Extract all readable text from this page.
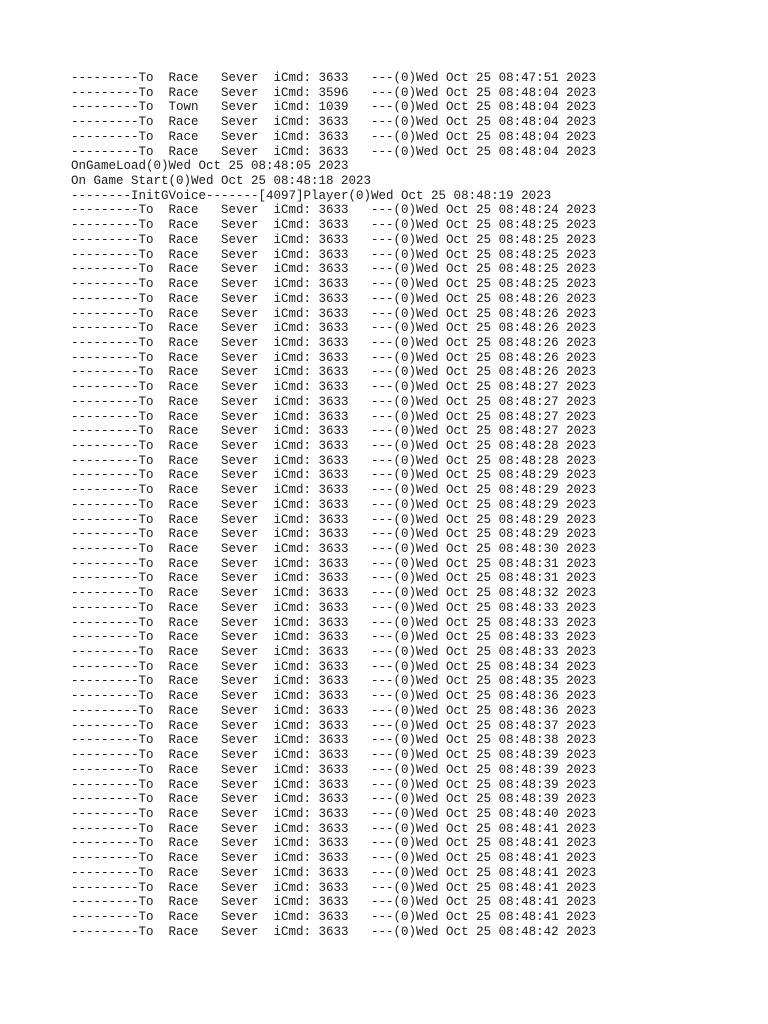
---------To  Race   Sever  iCmd: 3633   ---(0)Wed Oct 25 08:47:51 2023
---------To  Race   Sever  iCmd: 3596   ---(0)Wed Oct 25 08:48:04 2023
---------To  Town   Sever  iCmd: 1039   ---(0)Wed Oct 25 08:48:04 2023
---------To  Race   Sever  iCmd: 3633   ---(0)Wed Oct 25 08:48:04 2023
---------To  Race   Sever  iCmd: 3633   ---(0)Wed Oct 25 08:48:04 2023
---------To  Race   Sever  iCmd: 3633   ---(0)Wed Oct 25 08:48:04 2023
OnGameLoad(0)Wed Oct 25 08:48:05 2023
On Game Start(0)Wed Oct 25 08:48:18 2023
--------InitGVoice-------[4097]Player(0)Wed Oct 25 08:48:19 2023
---------To  Race   Sever  iCmd: 3633   ---(0)Wed Oct 25 08:48:24 2023
---------To  Race   Sever  iCmd: 3633   ---(0)Wed Oct 25 08:48:25 2023
---------To  Race   Sever  iCmd: 3633   ---(0)Wed Oct 25 08:48:25 2023
---------To  Race   Sever  iCmd: 3633   ---(0)Wed Oct 25 08:48:25 2023
---------To  Race   Sever  iCmd: 3633   ---(0)Wed Oct 25 08:48:25 2023
---------To  Race   Sever  iCmd: 3633   ---(0)Wed Oct 25 08:48:25 2023
---------To  Race   Sever  iCmd: 3633   ---(0)Wed Oct 25 08:48:26 2023
---------To  Race   Sever  iCmd: 3633   ---(0)Wed Oct 25 08:48:26 2023
---------To  Race   Sever  iCmd: 3633   ---(0)Wed Oct 25 08:48:26 2023
---------To  Race   Sever  iCmd: 3633   ---(0)Wed Oct 25 08:48:26 2023
---------To  Race   Sever  iCmd: 3633   ---(0)Wed Oct 25 08:48:26 2023
---------To  Race   Sever  iCmd: 3633   ---(0)Wed Oct 25 08:48:26 2023
---------To  Race   Sever  iCmd: 3633   ---(0)Wed Oct 25 08:48:27 2023
---------To  Race   Sever  iCmd: 3633   ---(0)Wed Oct 25 08:48:27 2023
---------To  Race   Sever  iCmd: 3633   ---(0)Wed Oct 25 08:48:27 2023
---------To  Race   Sever  iCmd: 3633   ---(0)Wed Oct 25 08:48:27 2023
---------To  Race   Sever  iCmd: 3633   ---(0)Wed Oct 25 08:48:28 2023
---------To  Race   Sever  iCmd: 3633   ---(0)Wed Oct 25 08:48:28 2023
---------To  Race   Sever  iCmd: 3633   ---(0)Wed Oct 25 08:48:29 2023
---------To  Race   Sever  iCmd: 3633   ---(0)Wed Oct 25 08:48:29 2023
---------To  Race   Sever  iCmd: 3633   ---(0)Wed Oct 25 08:48:29 2023
---------To  Race   Sever  iCmd: 3633   ---(0)Wed Oct 25 08:48:29 2023
---------To  Race   Sever  iCmd: 3633   ---(0)Wed Oct 25 08:48:29 2023
---------To  Race   Sever  iCmd: 3633   ---(0)Wed Oct 25 08:48:30 2023
---------To  Race   Sever  iCmd: 3633   ---(0)Wed Oct 25 08:48:31 2023
---------To  Race   Sever  iCmd: 3633   ---(0)Wed Oct 25 08:48:31 2023
---------To  Race   Sever  iCmd: 3633   ---(0)Wed Oct 25 08:48:32 2023
---------To  Race   Sever  iCmd: 3633   ---(0)Wed Oct 25 08:48:33 2023
---------To  Race   Sever  iCmd: 3633   ---(0)Wed Oct 25 08:48:33 2023
---------To  Race   Sever  iCmd: 3633   ---(0)Wed Oct 25 08:48:33 2023
---------To  Race   Sever  iCmd: 3633   ---(0)Wed Oct 25 08:48:33 2023
---------To  Race   Sever  iCmd: 3633   ---(0)Wed Oct 25 08:48:34 2023
---------To  Race   Sever  iCmd: 3633   ---(0)Wed Oct 25 08:48:35 2023
---------To  Race   Sever  iCmd: 3633   ---(0)Wed Oct 25 08:48:36 2023
---------To  Race   Sever  iCmd: 3633   ---(0)Wed Oct 25 08:48:36 2023
---------To  Race   Sever  iCmd: 3633   ---(0)Wed Oct 25 08:48:37 2023
---------To  Race   Sever  iCmd: 3633   ---(0)Wed Oct 25 08:48:38 2023
---------To  Race   Sever  iCmd: 3633   ---(0)Wed Oct 25 08:48:39 2023
---------To  Race   Sever  iCmd: 3633   ---(0)Wed Oct 25 08:48:39 2023
---------To  Race   Sever  iCmd: 3633   ---(0)Wed Oct 25 08:48:39 2023
---------To  Race   Sever  iCmd: 3633   ---(0)Wed Oct 25 08:48:39 2023
---------To  Race   Sever  iCmd: 3633   ---(0)Wed Oct 25 08:48:40 2023
---------To  Race   Sever  iCmd: 3633   ---(0)Wed Oct 25 08:48:41 2023
---------To  Race   Sever  iCmd: 3633   ---(0)Wed Oct 25 08:48:41 2023
---------To  Race   Sever  iCmd: 3633   ---(0)Wed Oct 25 08:48:41 2023
---------To  Race   Sever  iCmd: 3633   ---(0)Wed Oct 25 08:48:41 2023
---------To  Race   Sever  iCmd: 3633   ---(0)Wed Oct 25 08:48:41 2023
---------To  Race   Sever  iCmd: 3633   ---(0)Wed Oct 25 08:48:41 2023
---------To  Race   Sever  iCmd: 3633   ---(0)Wed Oct 25 08:48:41 2023
---------To  Race   Sever  iCmd: 3633   ---(0)Wed Oct 25 08:48:42 2023
